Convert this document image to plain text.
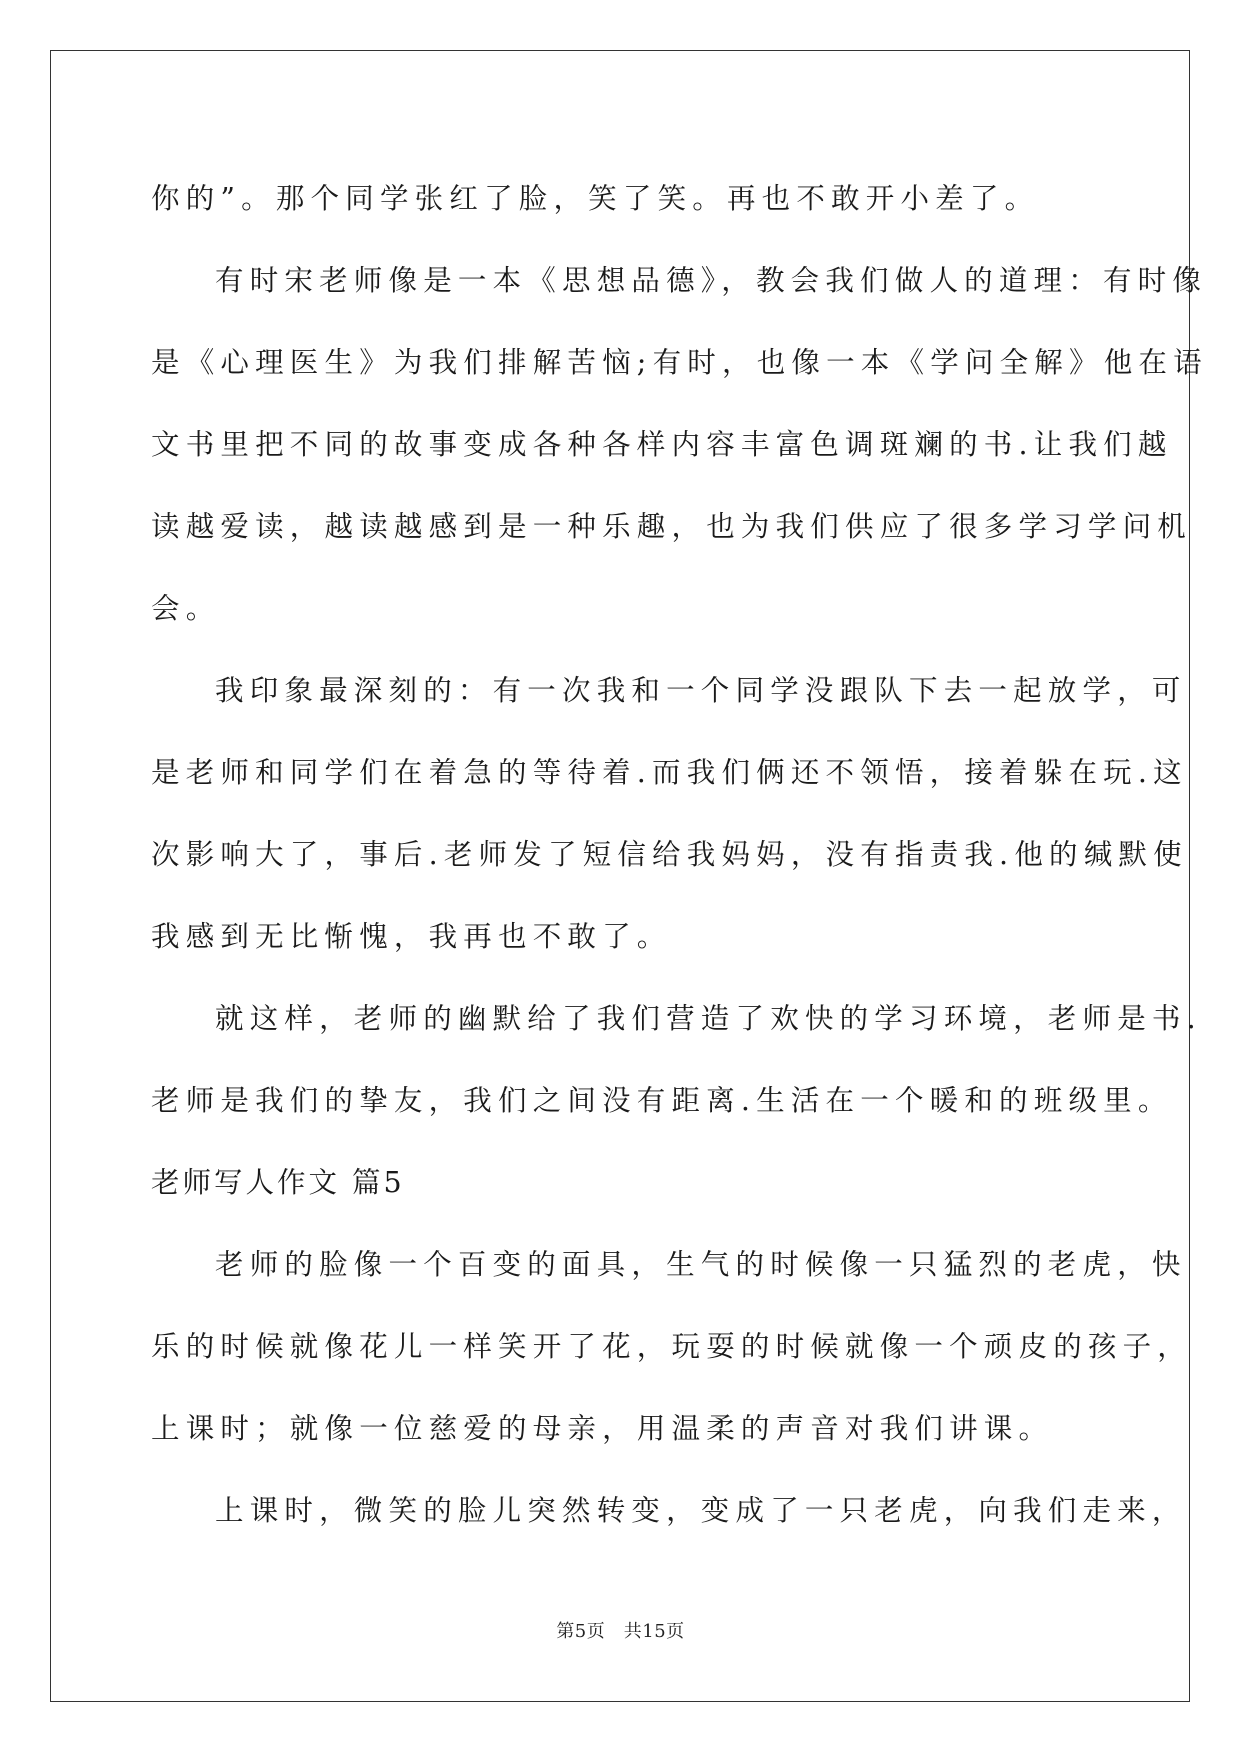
你的”。那个同学张红了脸，笑了笑。再也不敢开小差了。
有时宋老师像是一本《思想品德》，教会我们做人的道理：有时像
是《心理医生》为我们排解苦恼;有时，也像一本《学问全解》他在语
文书里把不同的故事变成各种各样内容丰富色调斑斓的书.让我们越
读越爱读，越读越感到是一种乐趣，也为我们供应了很多学习学问机
会。
我印象最深刻的：有一次我和一个同学没跟队下去一起放学，可
是老师和同学们在着急的等待着.而我们俩还不领悟，接着躲在玩.这
次影响大了，事后.老师发了短信给我妈妈，没有指责我.他的缄默使
我感到无比惭愧，我再也不敢了。
就这样，老师的幽默给了我们营造了欢快的学习环境，老师是书.
老师是我们的挚友，我们之间没有距离.生活在一个暖和的班级里。
老师写人作文 篇5
老师的脸像一个百变的面具，生气的时候像一只猛烈的老虎，快
乐的时候就像花儿一样笑开了花，玩耍的时候就像一个顽皮的孩子，
上课时；就像一位慈爱的母亲，用温柔的声音对我们讲课。
上课时，微笑的脸儿突然转变，变成了一只老虎，向我们走来，
第5页　共15页
